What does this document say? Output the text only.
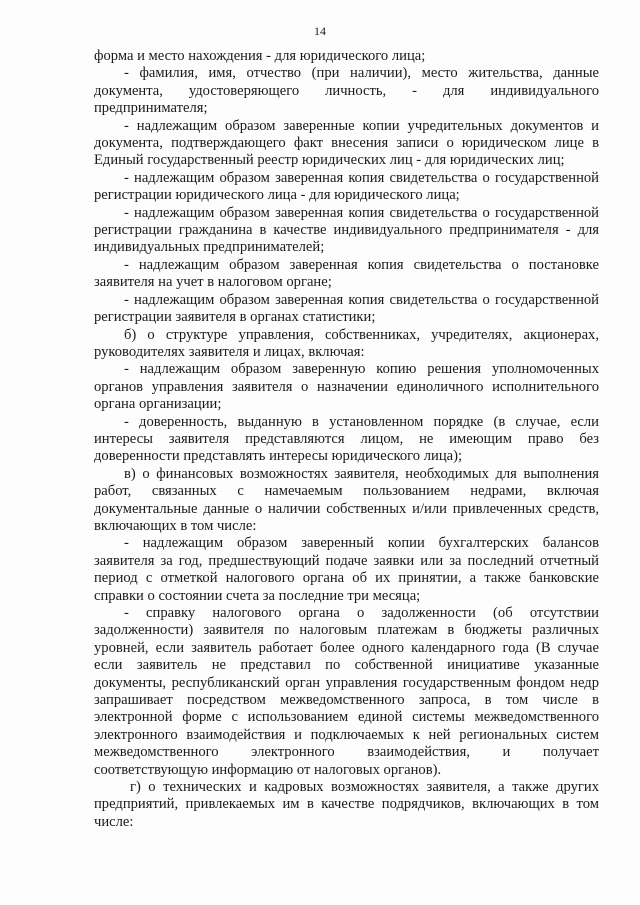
14

форма и место нахождения - для юридического лица;

- фамилия, имя, отчество (при наличии), место жительства, данные документа, удостоверяющего личность, - для индивидуального предпринимателя;

- надлежащим образом заверенные копии учредительных документов и документа, подтверждающего факт внесения записи о юридическом лице в Единый государственный реестр юридических лиц - для юридических лиц;

- надлежащим образом заверенная копия свидетельства о государственной регистрации юридического лица - для юридического лица;

- надлежащим образом заверенная копия свидетельства о государственной регистрации гражданина в качестве индивидуального предпринимателя - для индивидуальных предпринимателей;

- надлежащим образом заверенная копия свидетельства о постановке заявителя на учет в налоговом органе;

- надлежащим образом заверенная копия свидетельства о государственной регистрации заявителя в органах статистики;

б) о структуре управления, собственниках, учредителях, акционерах, руководителях заявителя и лицах, включая:

- надлежащим образом заверенную копию решения уполномоченных органов управления заявителя о назначении единоличного исполнительного органа организации;

- доверенность, выданную в установленном порядке (в случае, если интересы заявителя представляются лицом, не имеющим право без доверенности представлять интересы юридического лица);

в) о финансовых возможностях заявителя, необходимых для выполнения работ, связанных с намечаемым пользованием недрами, включая документальные данные о наличии собственных и/или привлеченных средств, включающих в том числе:

- надлежащим образом заверенный копии бухгалтерских балансов заявителя за год, предшествующий подаче заявки или за последний отчетный период с отметкой налогового органа об их принятии, а также банковские справки о состоянии счета за последние три месяца;

- справку налогового органа о задолженности (об отсутствии задолженности) заявителя по налоговым платежам в бюджеты различных уровней, если заявитель работает более одного календарного года (В случае если заявитель не представил по собственной инициативе указанные документы, республиканский орган управления государственным фондом недр запрашивает посредством межведомственного запроса, в том числе в электронной форме с использованием единой системы межведомственного электронного взаимодействия и подключаемых к ней региональных систем межведомственного электронного взаимодействия, и получает соответствующую информацию от налоговых органов).

г) о технических и кадровых возможностях заявителя, а также других предприятий, привлекаемых им в качестве подрядчиков, включающих в том числе:
